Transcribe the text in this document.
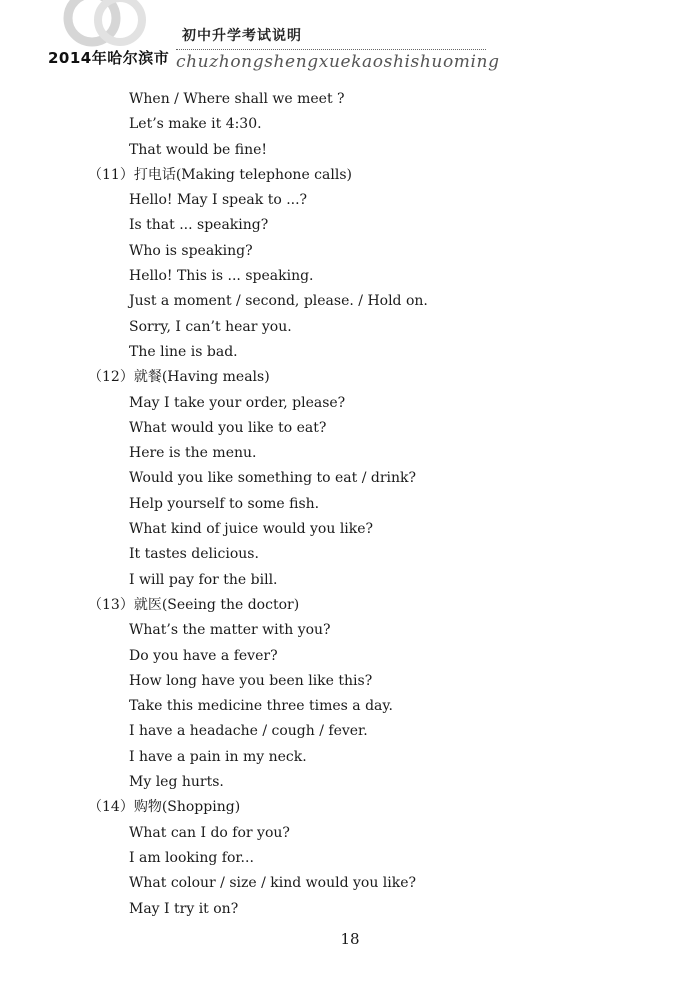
初中升学考试说明
2014年哈尔滨市 chuzhongshengxuekaoshishuoming
When / Where shall we meet ?
Let’s make it 4:30.
That would be fine!
（11）打电话(Making telephone calls)
Hello! May I speak to ...?
Is that ... speaking?
Who is speaking?
Hello! This is ... speaking.
Just a moment / second, please. / Hold on.
Sorry, I can’t hear you.
The line is bad.
（12）就餐(Having meals)
May I take your order, please?
What would you like to eat?
Here is the menu.
Would you like something to eat / drink?
Help yourself to some fish.
What kind of juice would you like?
It tastes delicious.
I will pay for the bill.
（13）就医(Seeing the doctor)
What’s the matter with you?
Do you have a fever?
How long have you been like this?
Take this medicine three times a day.
I have a headache / cough / fever.
I have a pain in my neck.
My leg hurts.
（14）购物(Shopping)
What can I do for you?
I am looking for...
What colour / size / kind would you like?
May I try it on?
18
